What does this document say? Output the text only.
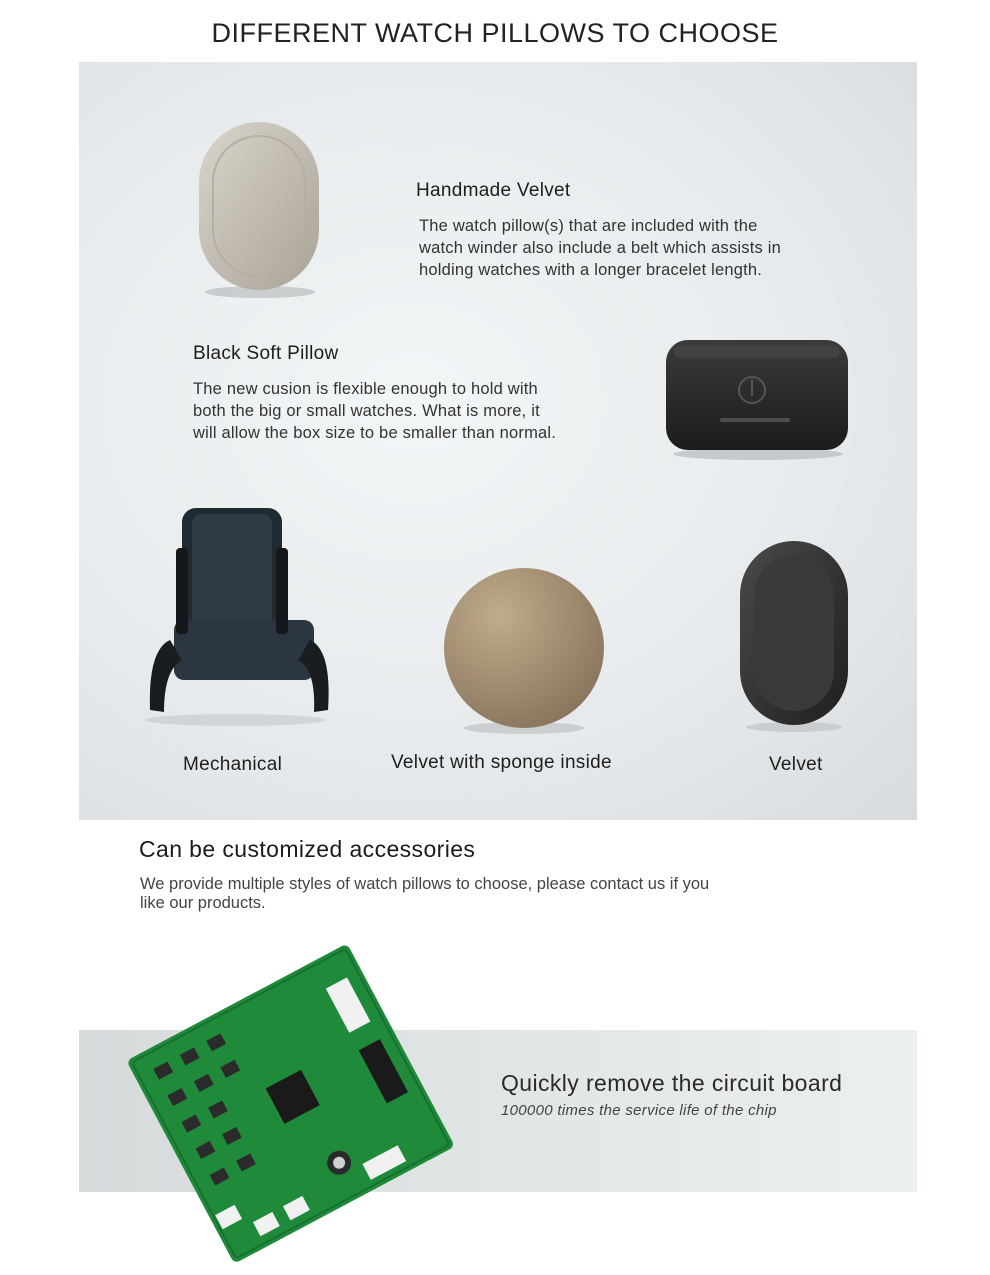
DIFFERENT WATCH PILLOWS TO CHOOSE
Handmade Velvet
The watch pillow(s) that are included with the
watch winder also include a belt which assists in
holding watches with a longer bracelet length.
Black Soft Pillow
The new cusion is flexible enough to hold with
both the big or small watches. What is more, it
will allow the box size to be smaller than normal.
Mechanical	Velvet with sponge inside	Velvet
Can be customized accessories
We provide multiple styles of watch pillows to choose, please contact us if you
like our products.
Quickly remove the circuit board
100000 times the service life of the chip
